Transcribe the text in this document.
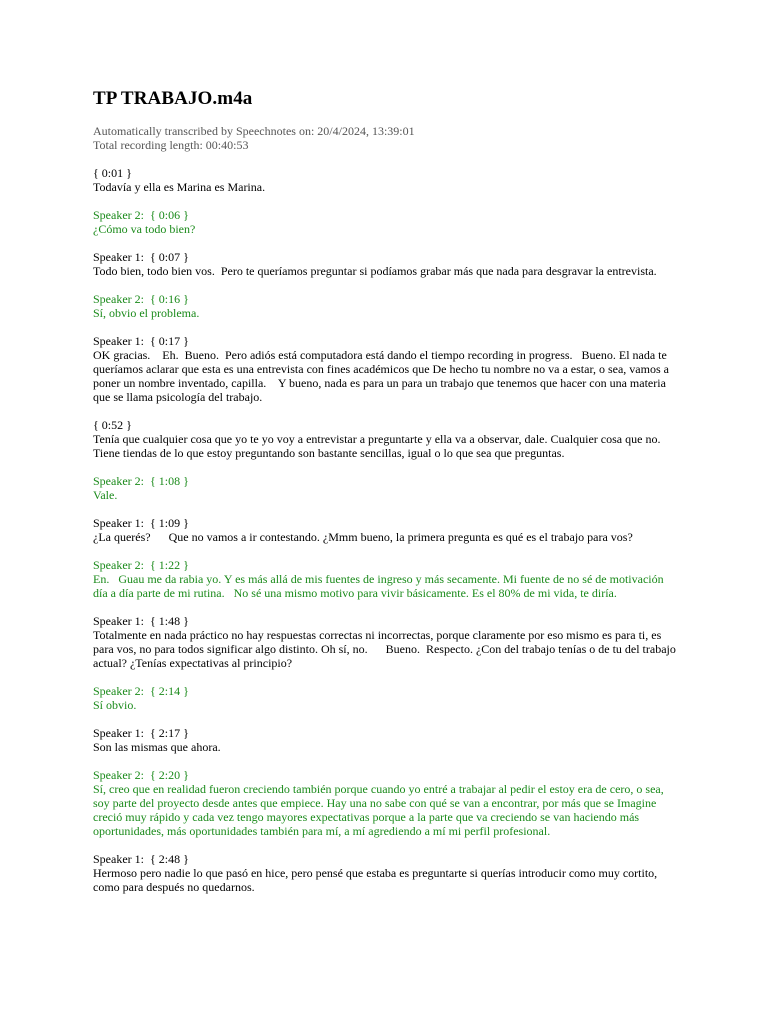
TP TRABAJO.m4a
Automatically transcribed by Speechnotes on: 20/4/2024, 13:39:01
Total recording length: 00:40:53
{ 0:01 }
Todavía y ella es Marina es Marina.
Speaker 2:  { 0:06 }
¿Cómo va todo bien?
Speaker 1:  { 0:07 }
Todo bien, todo bien vos.  Pero te queríamos preguntar si podíamos grabar más que nada para desgravar la entrevista.
Speaker 2:  { 0:16 }
Sí, obvio el problema.
Speaker 1:  { 0:17 }
OK gracias.    Eh.  Bueno.  Pero adiós está computadora está dando el tiempo recording in progress.   Bueno. El nada te queríamos aclarar que esta es una entrevista con fines académicos que De hecho tu nombre no va a estar, o sea, vamos a poner un nombre inventado, capilla.    Y bueno, nada es para un para un trabajo que tenemos que hacer con una materia que se llama psicología del trabajo.
{ 0:52 }
Tenía que cualquier cosa que yo te yo voy a entrevistar a preguntarte y ella va a observar, dale. Cualquier cosa que no.  Tiene tiendas de lo que estoy preguntando son bastante sencillas, igual o lo que sea que preguntas.
Speaker 2:  { 1:08 }
Vale.
Speaker 1:  { 1:09 }
¿La querés?      Que no vamos a ir contestando. ¿Mmm bueno, la primera pregunta es qué es el trabajo para vos?
Speaker 2:  { 1:22 }
En.   Guau me da rabia yo. Y es más allá de mis fuentes de ingreso y más secamente. Mi fuente de no sé de motivación día a día parte de mi rutina.   No sé una mismo motivo para vivir básicamente. Es el 80% de mi vida, te diría.
Speaker 1:  { 1:48 }
Totalmente en nada práctico no hay respuestas correctas ni incorrectas, porque claramente por eso mismo es para ti, es para vos, no para todos significar algo distinto. Oh sí, no.      Bueno.  Respecto. ¿Con del trabajo tenías o de tu del trabajo actual? ¿Tenías expectativas al principio?
Speaker 2:  { 2:14 }
Sí obvio.
Speaker 1:  { 2:17 }
Son las mismas que ahora.
Speaker 2:  { 2:20 }
Sí, creo que en realidad fueron creciendo también porque cuando yo entré a trabajar al pedir el estoy era de cero, o sea, soy parte del proyecto desde antes que empiece. Hay una no sabe con qué se van a encontrar, por más que se Imagine creció muy rápido y cada vez tengo mayores expectativas porque a la parte que va creciendo se van haciendo más oportunidades, más oportunidades también para mí, a mí agrediendo a mí mi perfil profesional.
Speaker 1:  { 2:48 }
Hermoso pero nadie lo que pasó en hice, pero pensé que estaba es preguntarte si querías introducir como muy cortito, como para después no quedarnos.
